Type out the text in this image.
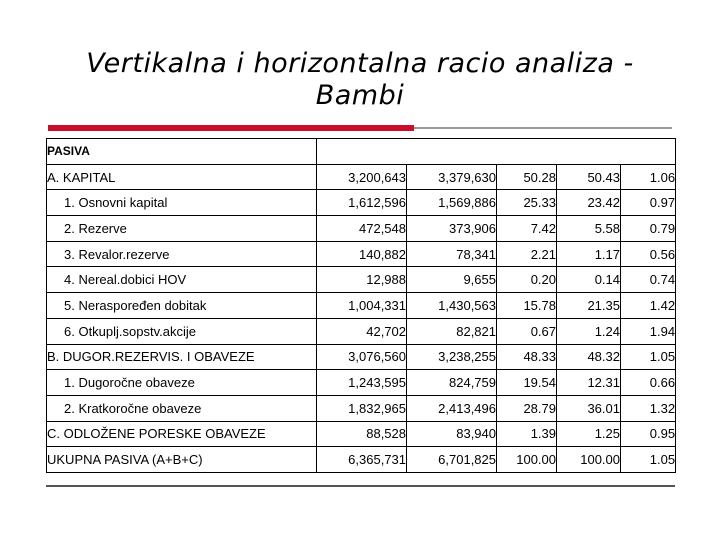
Vertikalna i horizontalna racio analiza - Bambi
PASIVA					
A. KAPITAL	3,200,643	3,379,630	50.28	50.43	1.06
1. Osnovni kapital	1,612,596	1,569,886	25.33	23.42	0.97
2. Rezerve	472,548	373,906	7.42	5.58	0.79
3. Revalor.rezerve	140,882	78,341	2.21	1.17	0.56
4. Nereal.dobici HOV	12,988	9,655	0.20	0.14	0.74
5. Neraspoređen dobitak	1,004,331	1,430,563	15.78	21.35	1.42
6. Otkuplj.sopstv.akcije	42,702	82,821	0.67	1.24	1.94
B. DUGOR.REZERVIS. I OBAVEZE	3,076,560	3,238,255	48.33	48.32	1.05
1. Dugoročne obaveze	1,243,595	824,759	19.54	12.31	0.66
2. Kratkoročne obaveze	1,832,965	2,413,496	28.79	36.01	1.32
C. ODLOŽENE PORESKE OBAVEZE	88,528	83,940	1.39	1.25	0.95
UKUPNA PASIVA (A+B+C)	6,365,731	6,701,825	100.00	100.00	1.05
